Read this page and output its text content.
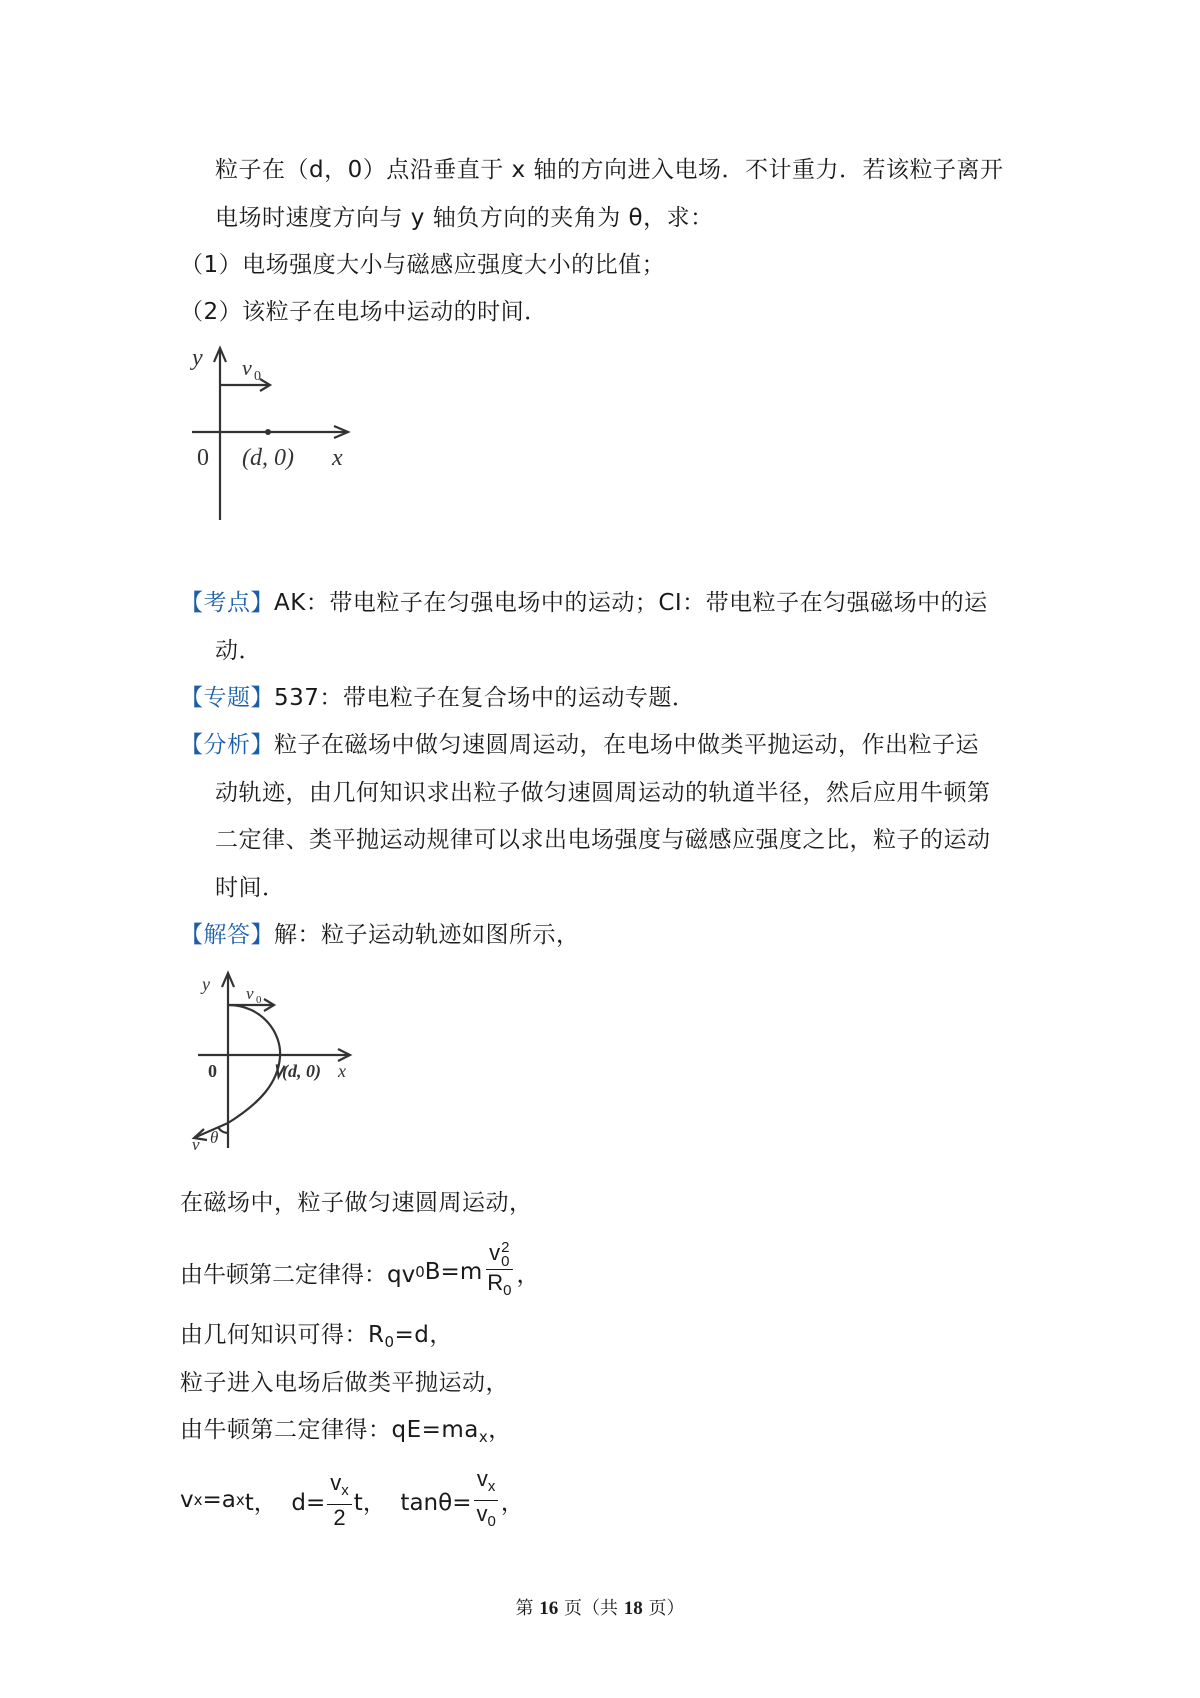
粒子在（d，0）点沿垂直于 x 轴的方向进入电场．不计重力．若该粒子离开
电场时速度方向与 y 轴负方向的夹角为 θ，求：
（1）电场强度大小与磁感应强度大小的比值；
（2）该粒子在电场中运动的时间．
y v 0
0 (d, 0) x
【考点】AK：带电粒子在匀强电场中的运动；CI：带电粒子在匀强磁场中的运
动．
【专题】537：带电粒子在复合场中的运动专题．
【分析】粒子在磁场中做匀速圆周运动，在电场中做类平抛运动，作出粒子运
动轨迹，由几何知识求出粒子做匀速圆周运动的轨道半径，然后应用牛顿第
二定律、类平抛运动规律可以求出电场强度与磁感应强度之比，粒子的运动
时间．
【解答】解：粒子运动轨迹如图所示，
y v 0
0	(d, 0) x
v θ
在磁场中，粒子做匀速圆周运动，
由牛顿第二定律得：qv 0 B=m v 2
0
$R_0$ ，
由几何知识可得：$R_0=d$，
粒子进入电场后做类平抛运动，
由牛顿第二定律得：$qE=ma_x$，
v x =a x t，  $d= \frac{v_x}{2}$ t，  $\tan\theta= \frac{v_x}{v_0}$ ，
第 16 页（共 18 页）
